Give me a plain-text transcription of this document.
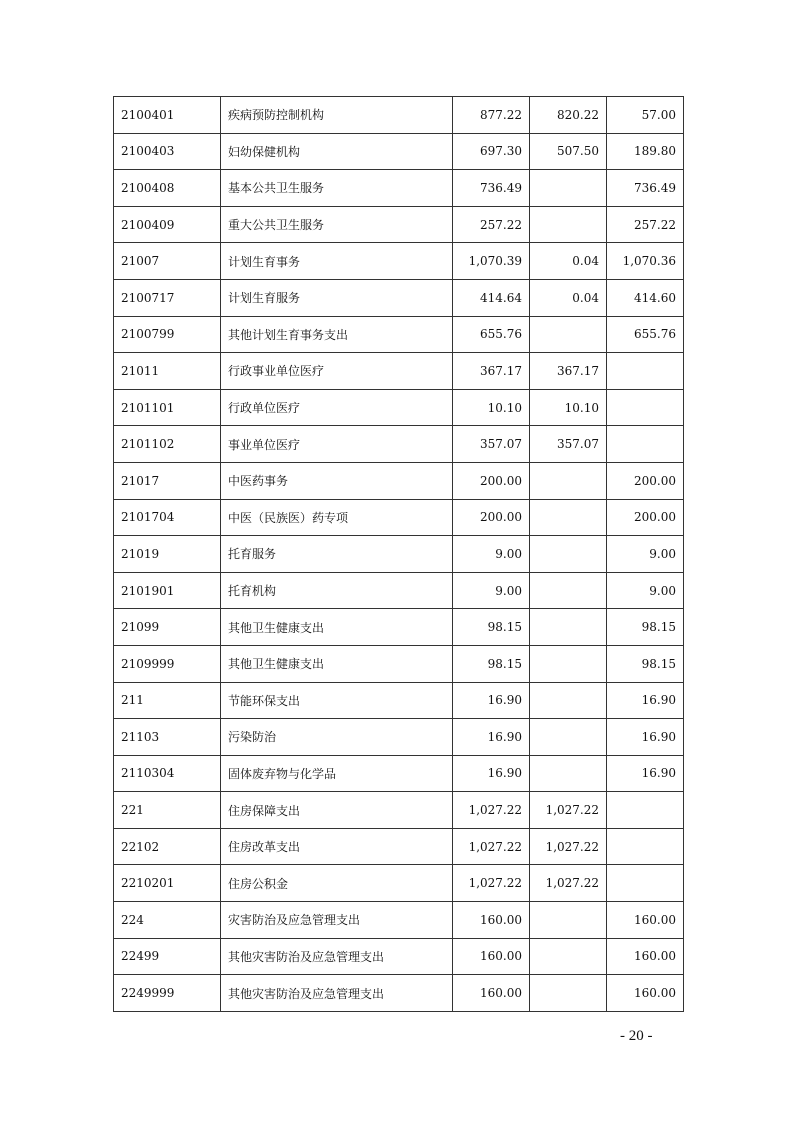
2100401	疾病预防控制机构	877.22	820.22	57.00
2100403	妇幼保健机构	697.30	507.50	189.80
2100408	基本公共卫生服务	736.49		736.49
2100409	重大公共卫生服务	257.22		257.22
21007	计划生育事务	1,070.39	0.04	1,070.36
2100717	计划生育服务	414.64	0.04	414.60
2100799	其他计划生育事务支出	655.76		655.76
21011	行政事业单位医疗	367.17	367.17	
2101101	行政单位医疗	10.10	10.10	
2101102	事业单位医疗	357.07	357.07	
21017	中医药事务	200.00		200.00
2101704	中医（民族医）药专项	200.00		200.00
21019	托育服务	9.00		9.00
2101901	托育机构	9.00		9.00
21099	其他卫生健康支出	98.15		98.15
2109999	其他卫生健康支出	98.15		98.15
211	节能环保支出	16.90		16.90
21103	污染防治	16.90		16.90
2110304	固体废弃物与化学品	16.90		16.90
221	住房保障支出	1,027.22	1,027.22	
22102	住房改革支出	1,027.22	1,027.22	
2210201	住房公积金	1,027.22	1,027.22	
224	灾害防治及应急管理支出	160.00		160.00
22499	其他灾害防治及应急管理支出	160.00		160.00
2249999	其他灾害防治及应急管理支出	160.00		160.00
- 20 -
